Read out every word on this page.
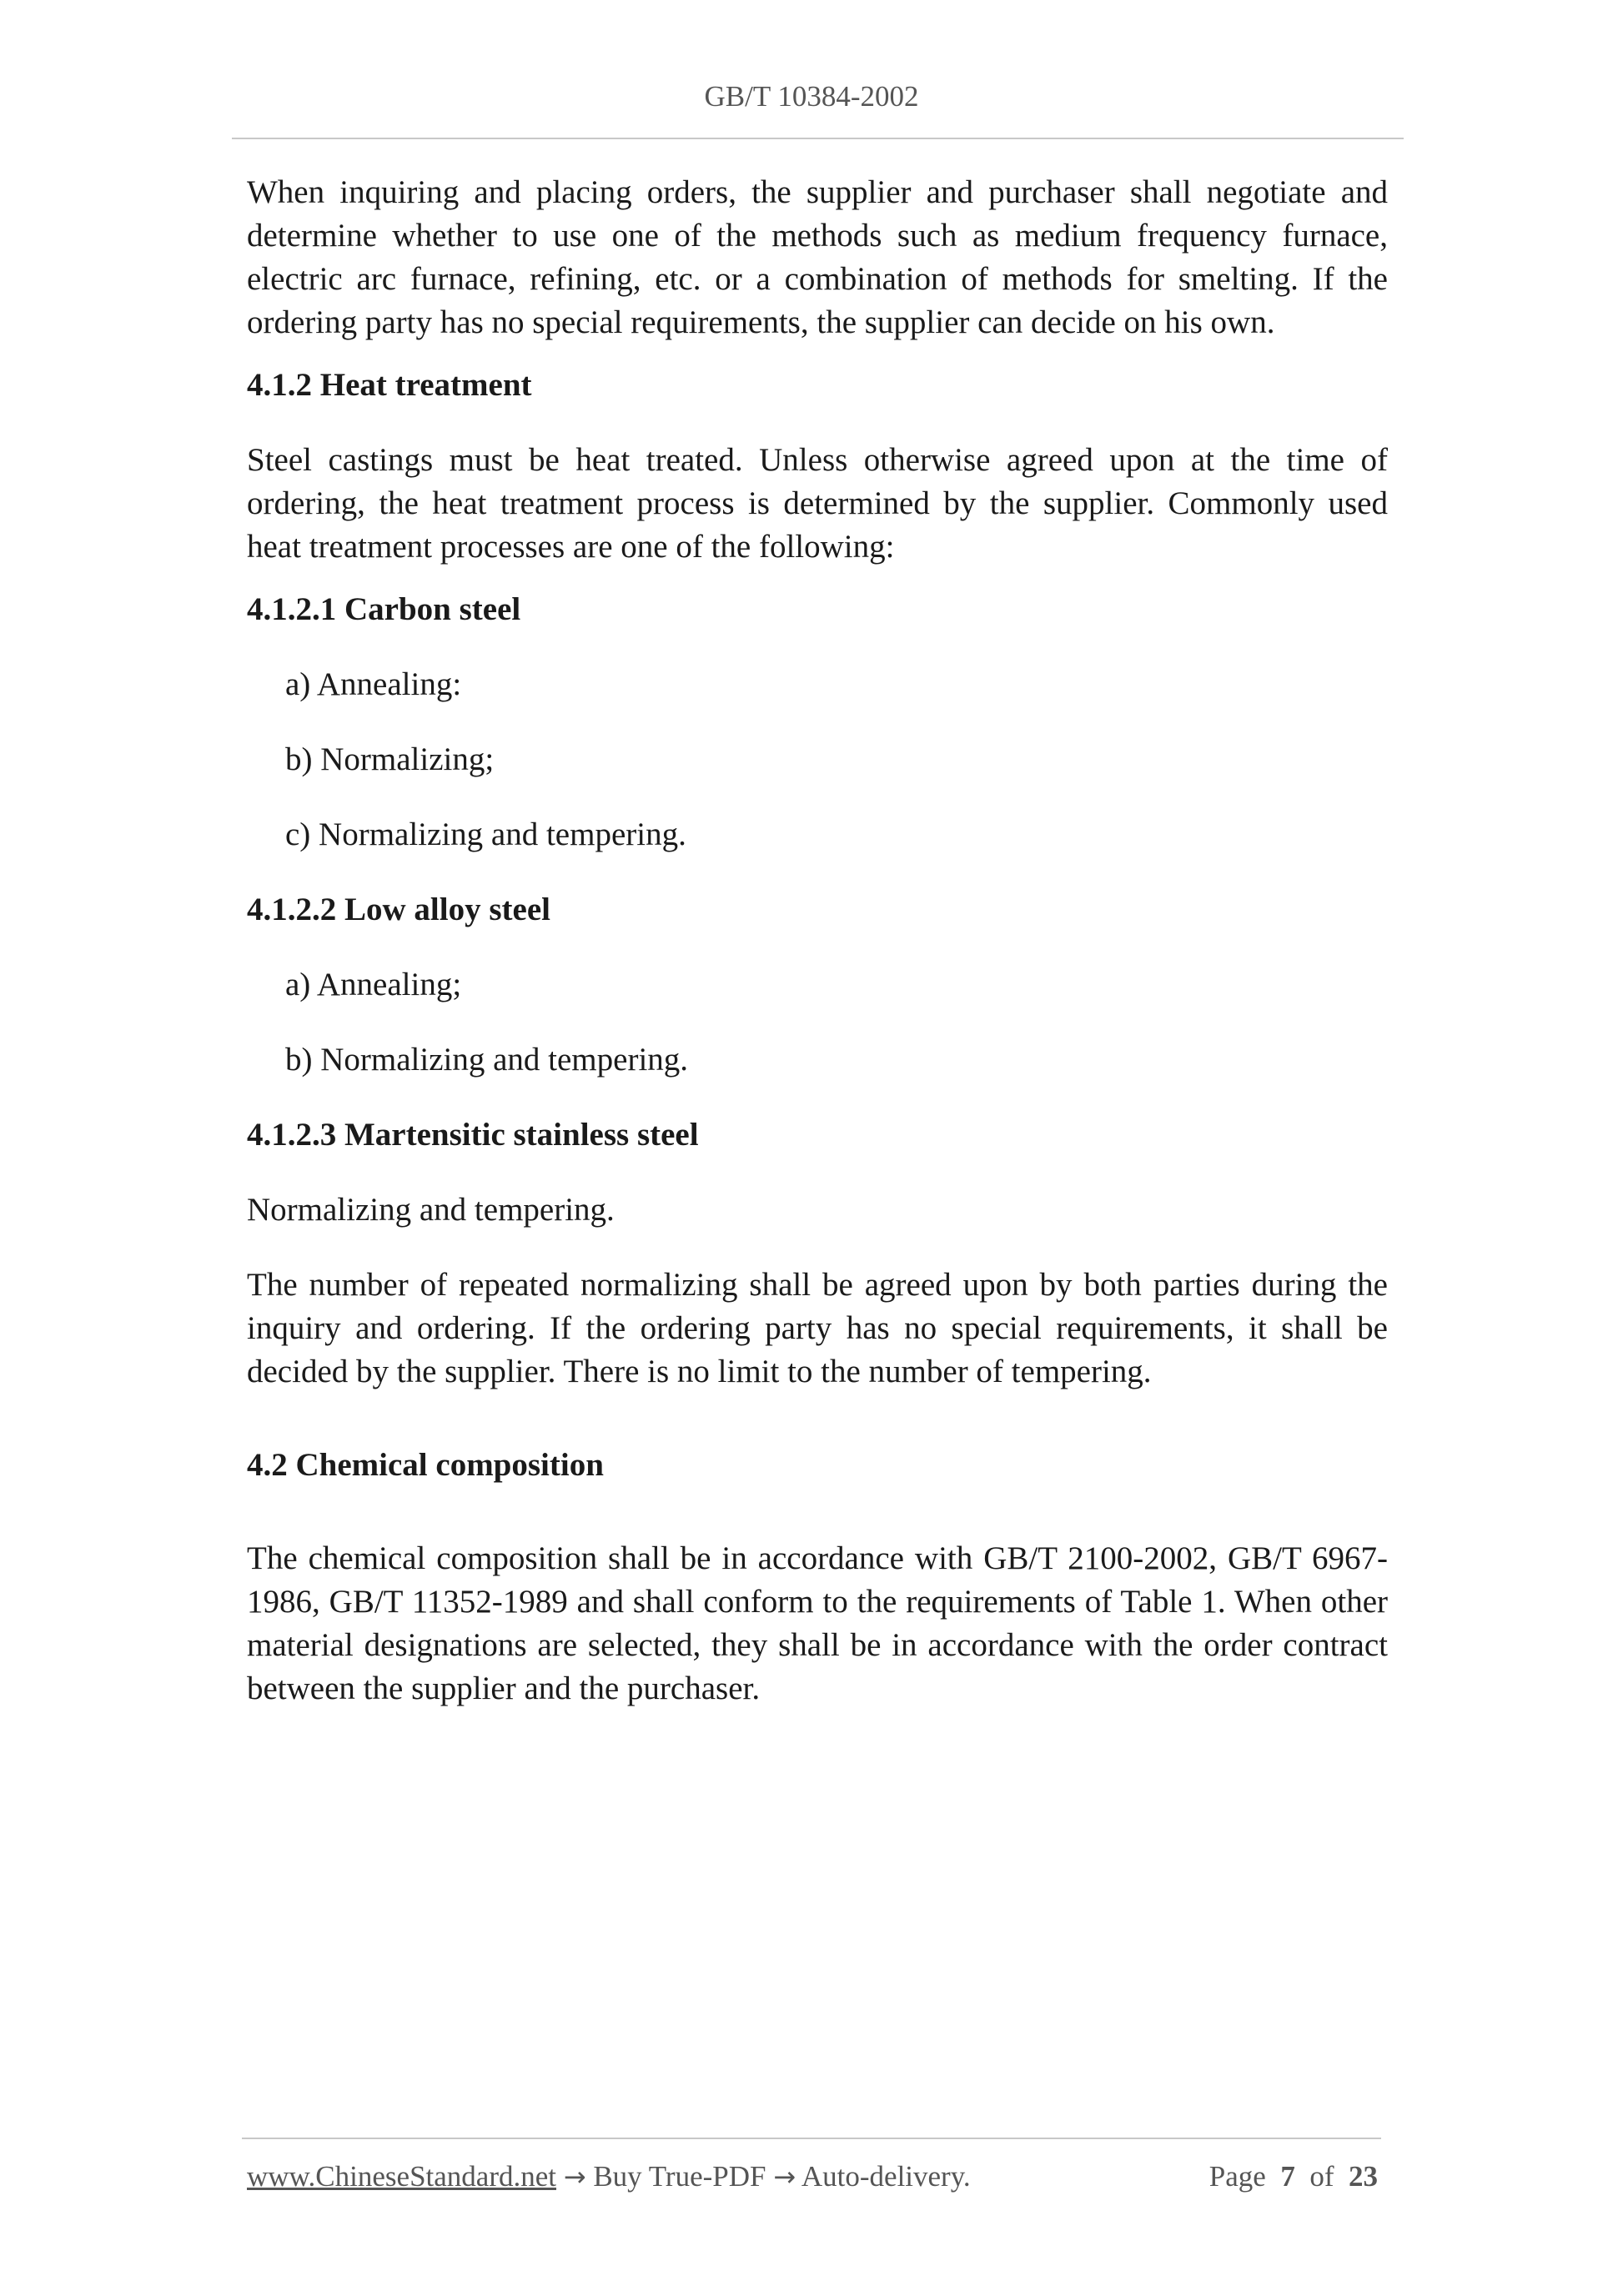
GB/T 10384-2002

When inquiring and placing orders, the supplier and purchaser shall negotiate and determine whether to use one of the methods such as medium frequency furnace, electric arc furnace, refining, etc. or a combination of methods for smelting. If the ordering party has no special requirements, the supplier can decide on his own.

4.1.2 Heat treatment

Steel castings must be heat treated. Unless otherwise agreed upon at the time of ordering, the heat treatment process is determined by the supplier. Commonly used heat treatment processes are one of the following:

4.1.2.1 Carbon steel

a) Annealing:

b) Normalizing;

c) Normalizing and tempering.

4.1.2.2 Low alloy steel

a) Annealing;

b) Normalizing and tempering.

4.1.2.3 Martensitic stainless steel

Normalizing and tempering.

The number of repeated normalizing shall be agreed upon by both parties during the inquiry and ordering. If the ordering party has no special requirements, it shall be decided by the supplier. There is no limit to the number of tempering.

4.2 Chemical composition

The chemical composition shall be in accordance with GB/T 2100-2002, GB/T 6967-1986, GB/T 11352-1989 and shall conform to the requirements of Table 1. When other material designations are selected, they shall be in accordance with the order contract between the supplier and the purchaser.

www.ChineseStandard.net → Buy True-PDF → Auto-delivery.	Page 7 of 23
